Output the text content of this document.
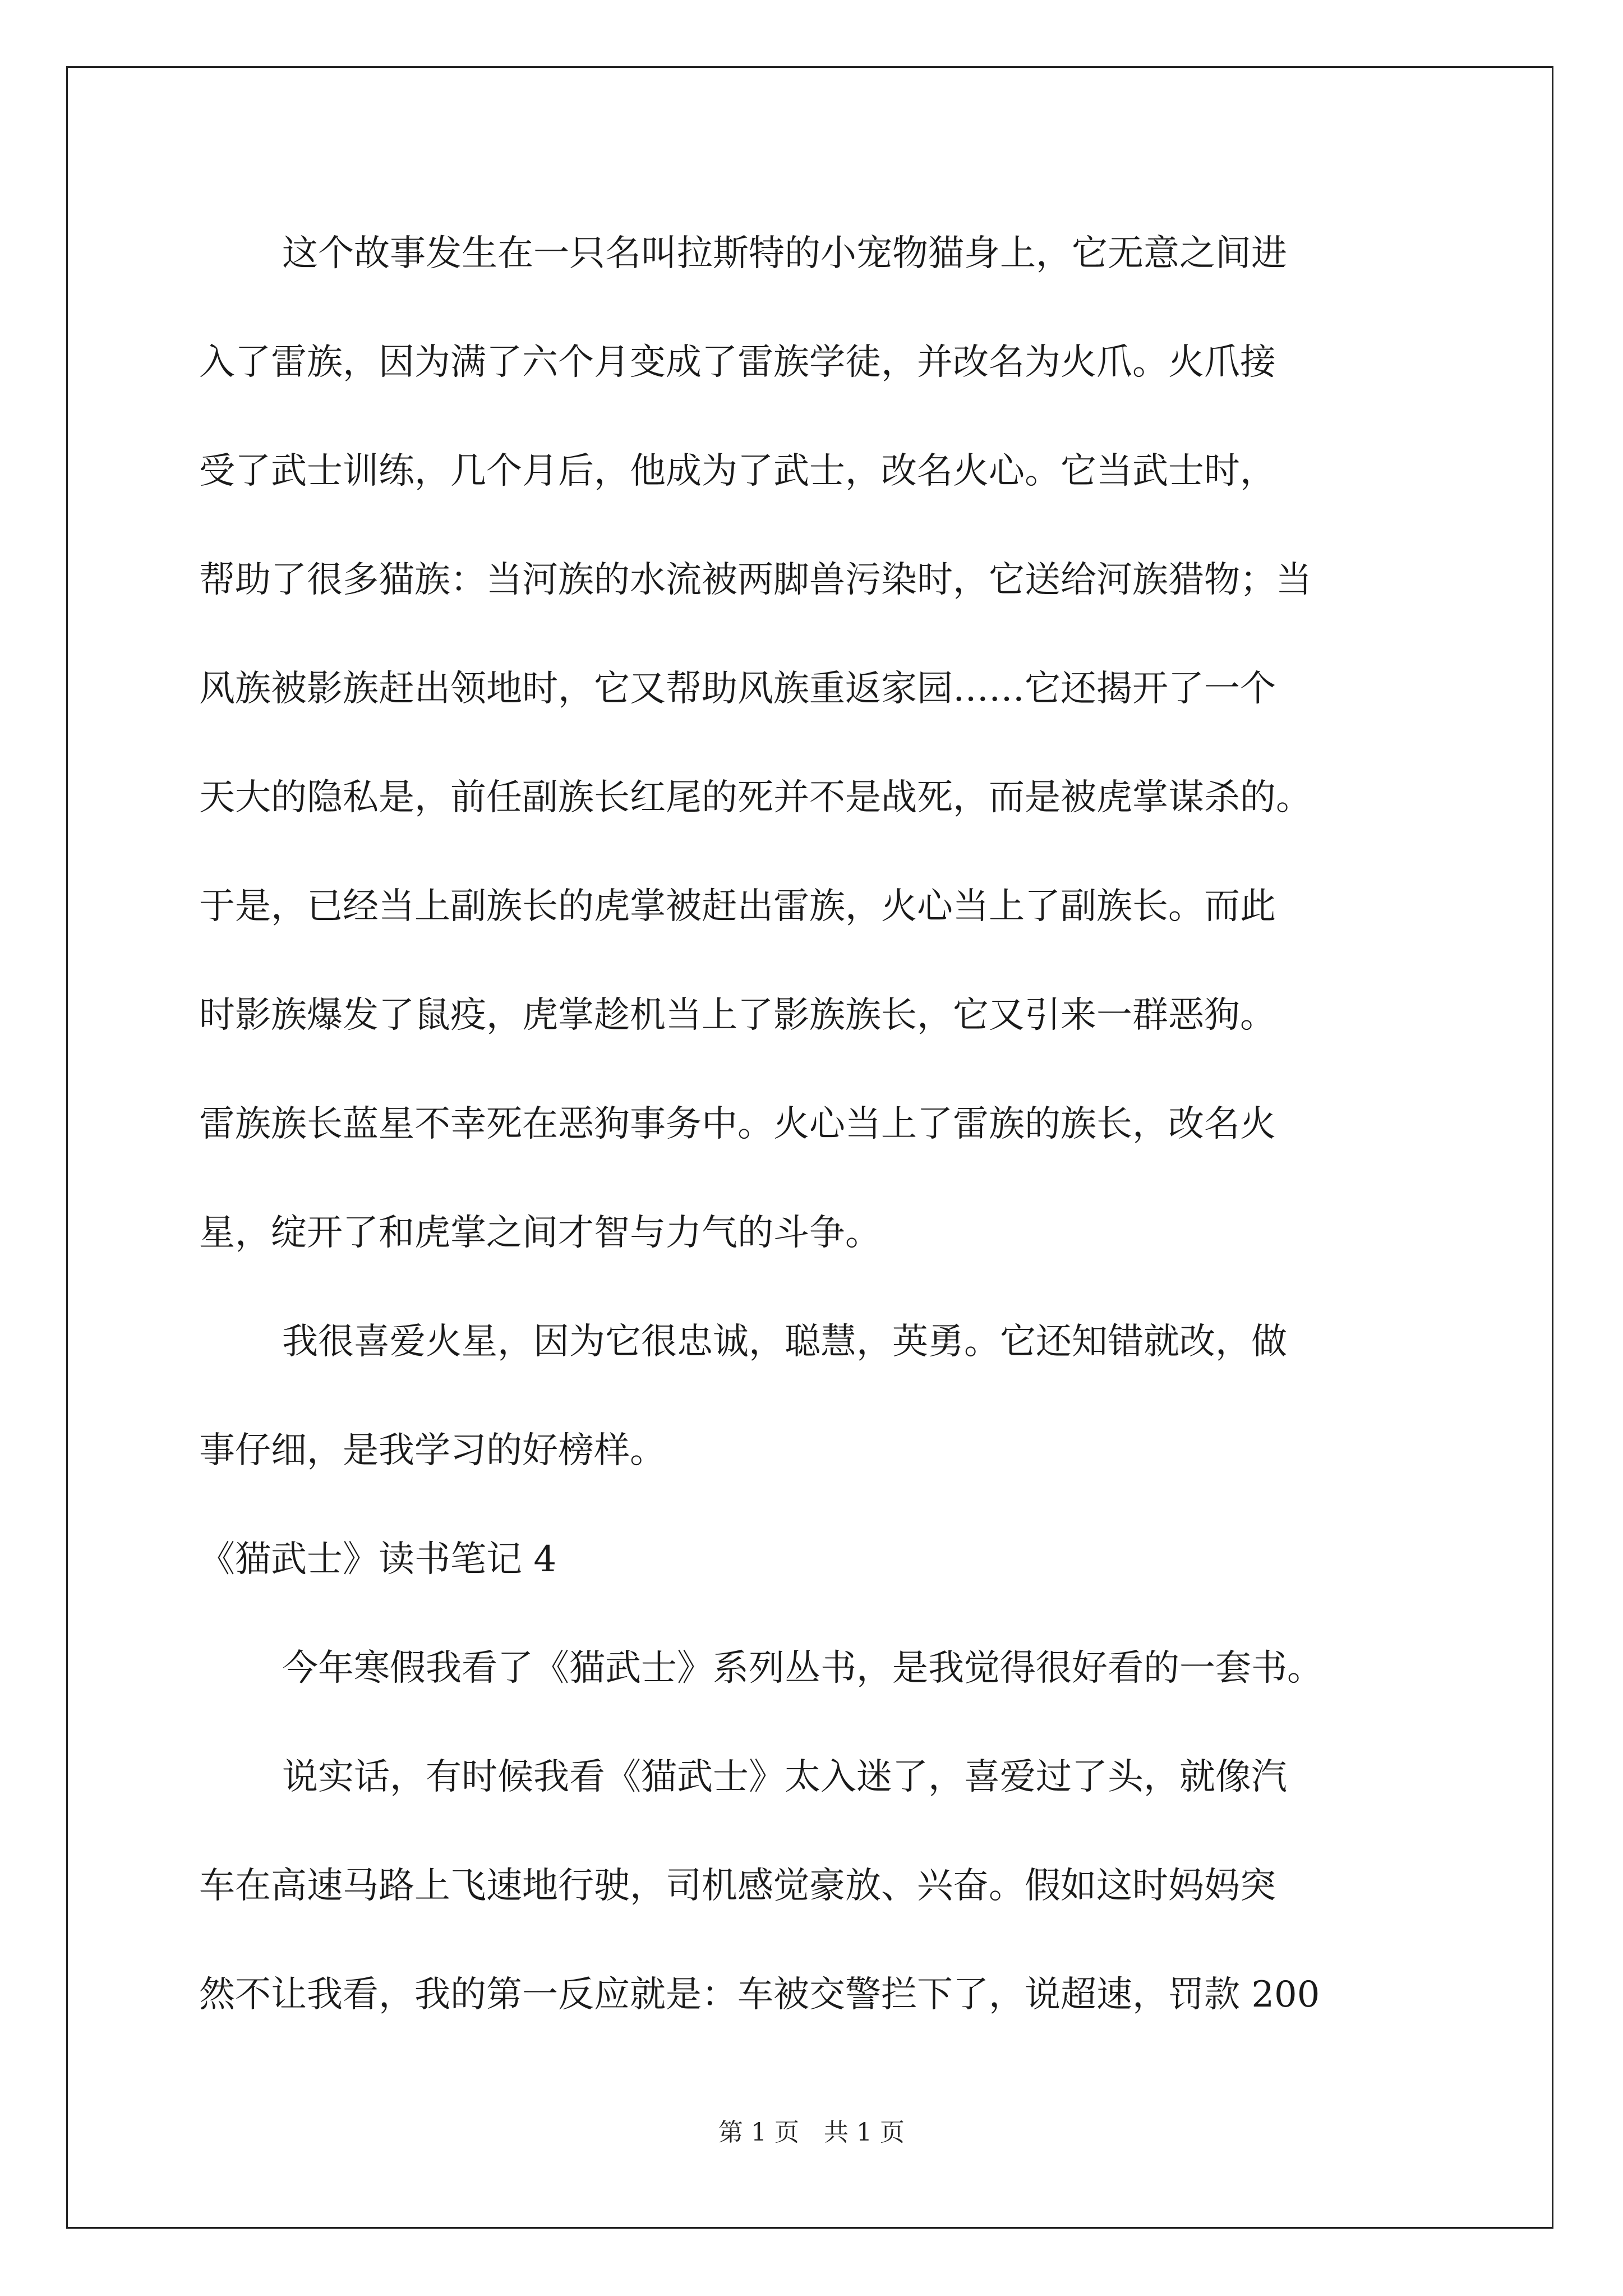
这个故事发生在一只名叫拉斯特的小宠物猫身上，它无意之间进
入了雷族，因为满了六个月变成了雷族学徒，并改名为火爪。火爪接
受了武士训练，几个月后，他成为了武士，改名火心。它当武士时，
帮助了很多猫族：当河族的水流被两脚兽污染时，它送给河族猎物；当
风族被影族赶出领地时，它又帮助风族重返家园……它还揭开了一个
天大的隐私是，前任副族长红尾的死并不是战死，而是被虎掌谋杀的。
于是，已经当上副族长的虎掌被赶出雷族，火心当上了副族长。而此
时影族爆发了鼠疫，虎掌趁机当上了影族族长，它又引来一群恶狗。
雷族族长蓝星不幸死在恶狗事务中。火心当上了雷族的族长，改名火
星，绽开了和虎掌之间才智与力气的斗争。
我很喜爱火星，因为它很忠诚，聪慧，英勇。它还知错就改，做
事仔细，是我学习的好榜样。
《猫武士》读书笔记 4
今年寒假我看了《猫武士》系列丛书，是我觉得很好看的一套书。
说实话，有时候我看《猫武士》太入迷了，喜爱过了头，就像汽
车在高速马路上飞速地行驶，司机感觉豪放、兴奋。假如这时妈妈突
然不让我看，我的第一反应就是：车被交警拦下了，说超速，罚款 200
第 1 页 共 1 页
